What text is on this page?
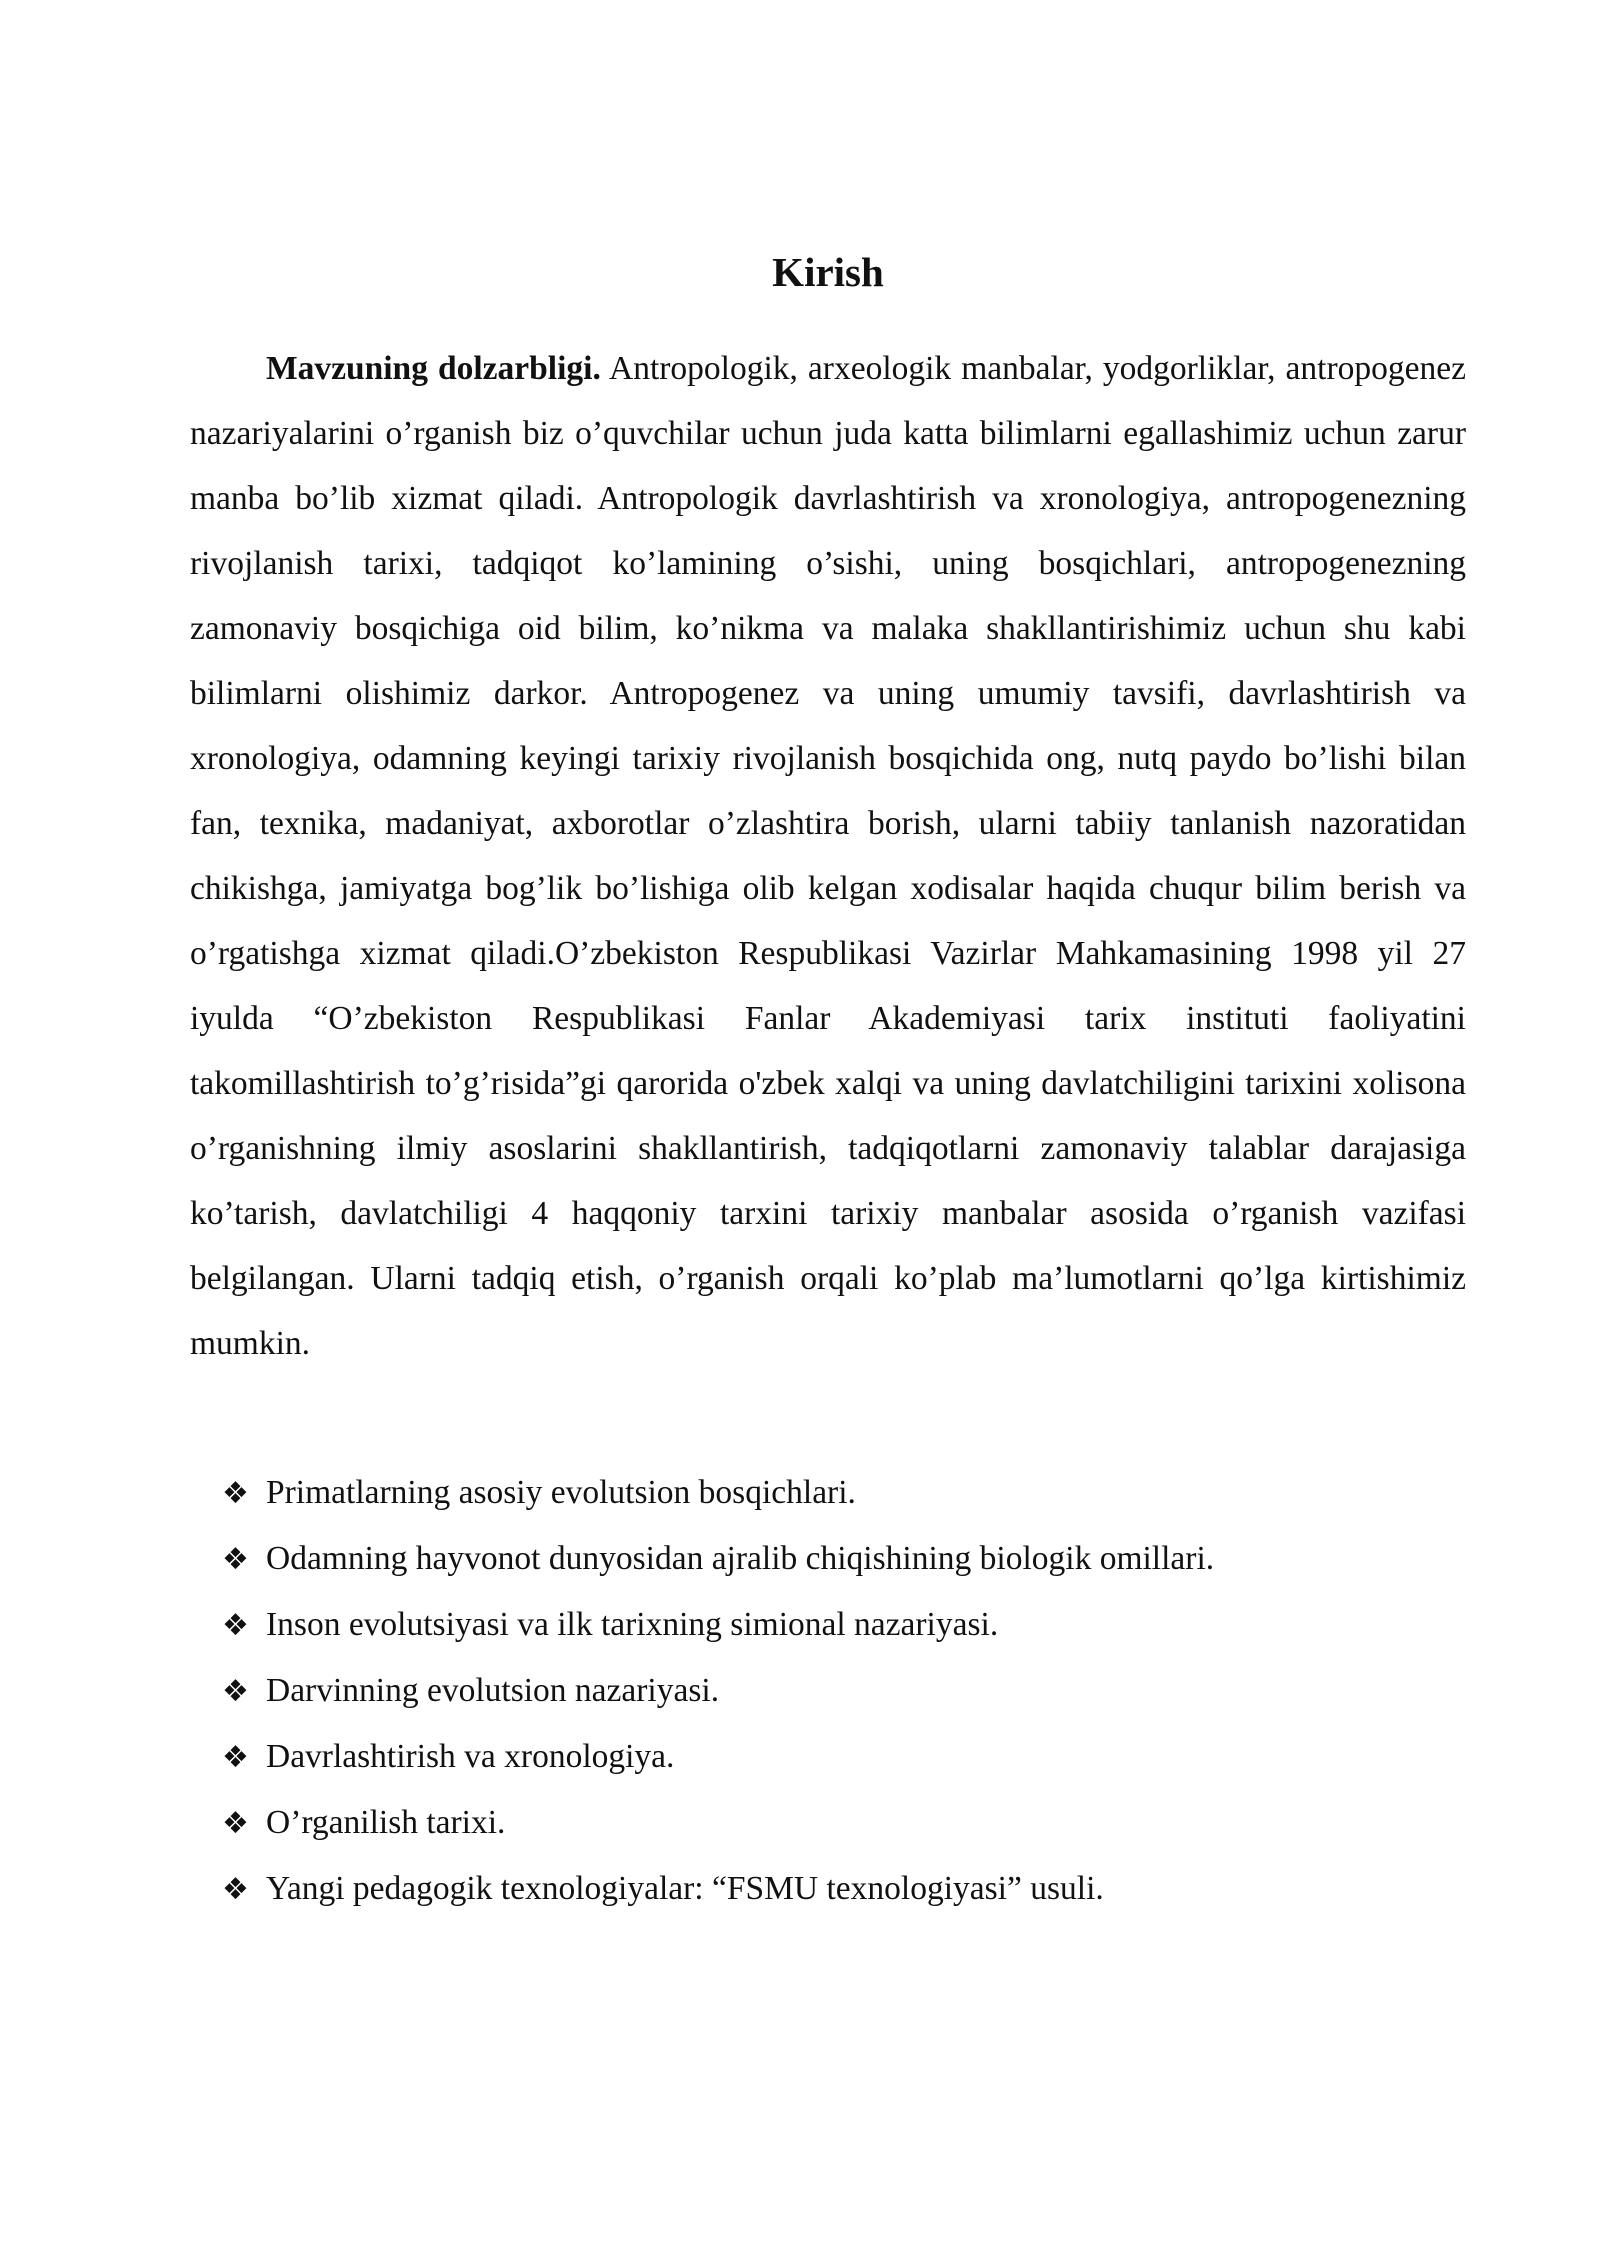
Kirish

Mavzuning dolzarbligi. Antropologik, arxeologik manbalar, yodgorliklar, antropogenez nazariyalarini o’rganish biz o’quvchilar uchun juda katta bilimlarni egallashimiz uchun zarur manba bo’lib xizmat qiladi. Antropologik davrlashtirish va xronologiya, antropogenezning rivojlanish tarixi, tadqiqot ko’lamining o’sishi, uning bosqichlari, antropogenezning zamonaviy bosqichiga oid bilim, ko’nikma va malaka shakllantirishimiz uchun shu kabi bilimlarni olishimiz darkor. Antropogenez va uning umumiy tavsifi, davrlashtirish va xronologiya, odamning keyingi tarixiy rivojlanish bosqichida ong, nutq paydo bo’lishi bilan fan, texnika, madaniyat, axborotlar o’zlashtira borish, ularni tabiiy tanlanish nazoratidan chikishga, jamiyatga bog’lik bo’lishiga olib kelgan xodisalar haqida chuqur bilim berish va o’rgatishga xizmat qiladi.O’zbekiston Respublikasi Vazirlar Mahkamasining 1998 yil 27 iyulda “O’zbekiston Respublikasi Fanlar Akademiyasi tarix instituti faoliyatini takomillashtirish to’g’risida”gi qarorida o'zbek xalqi va uning davlatchiligini tarixini xolisona o’rganishning ilmiy asoslarini shakllantirish, tadqiqotlarni zamonaviy talablar darajasiga ko’tarish, davlatchiligi 4 haqqoniy tarxini tarixiy manbalar asosida o’rganish vazifasi belgilangan. Ularni tadqiq etish, o’rganish orqali ko’plab ma’lumotlarni qo’lga kirtishimiz mumkin.

❖ Primatlarning asosiy evolutsion bosqichlari.
❖ Odamning hayvonot dunyosidan ajralib chiqishining biologik omillari.
❖ Inson evolutsiyasi va ilk tarixning simional nazariyasi.
❖ Darvinning evolutsion nazariyasi.
❖ Davrlashtirish va xronologiya.
❖ O’rganilish tarixi.
❖ Yangi pedagogik texnologiyalar: “FSMU texnologiyasi” usuli.
